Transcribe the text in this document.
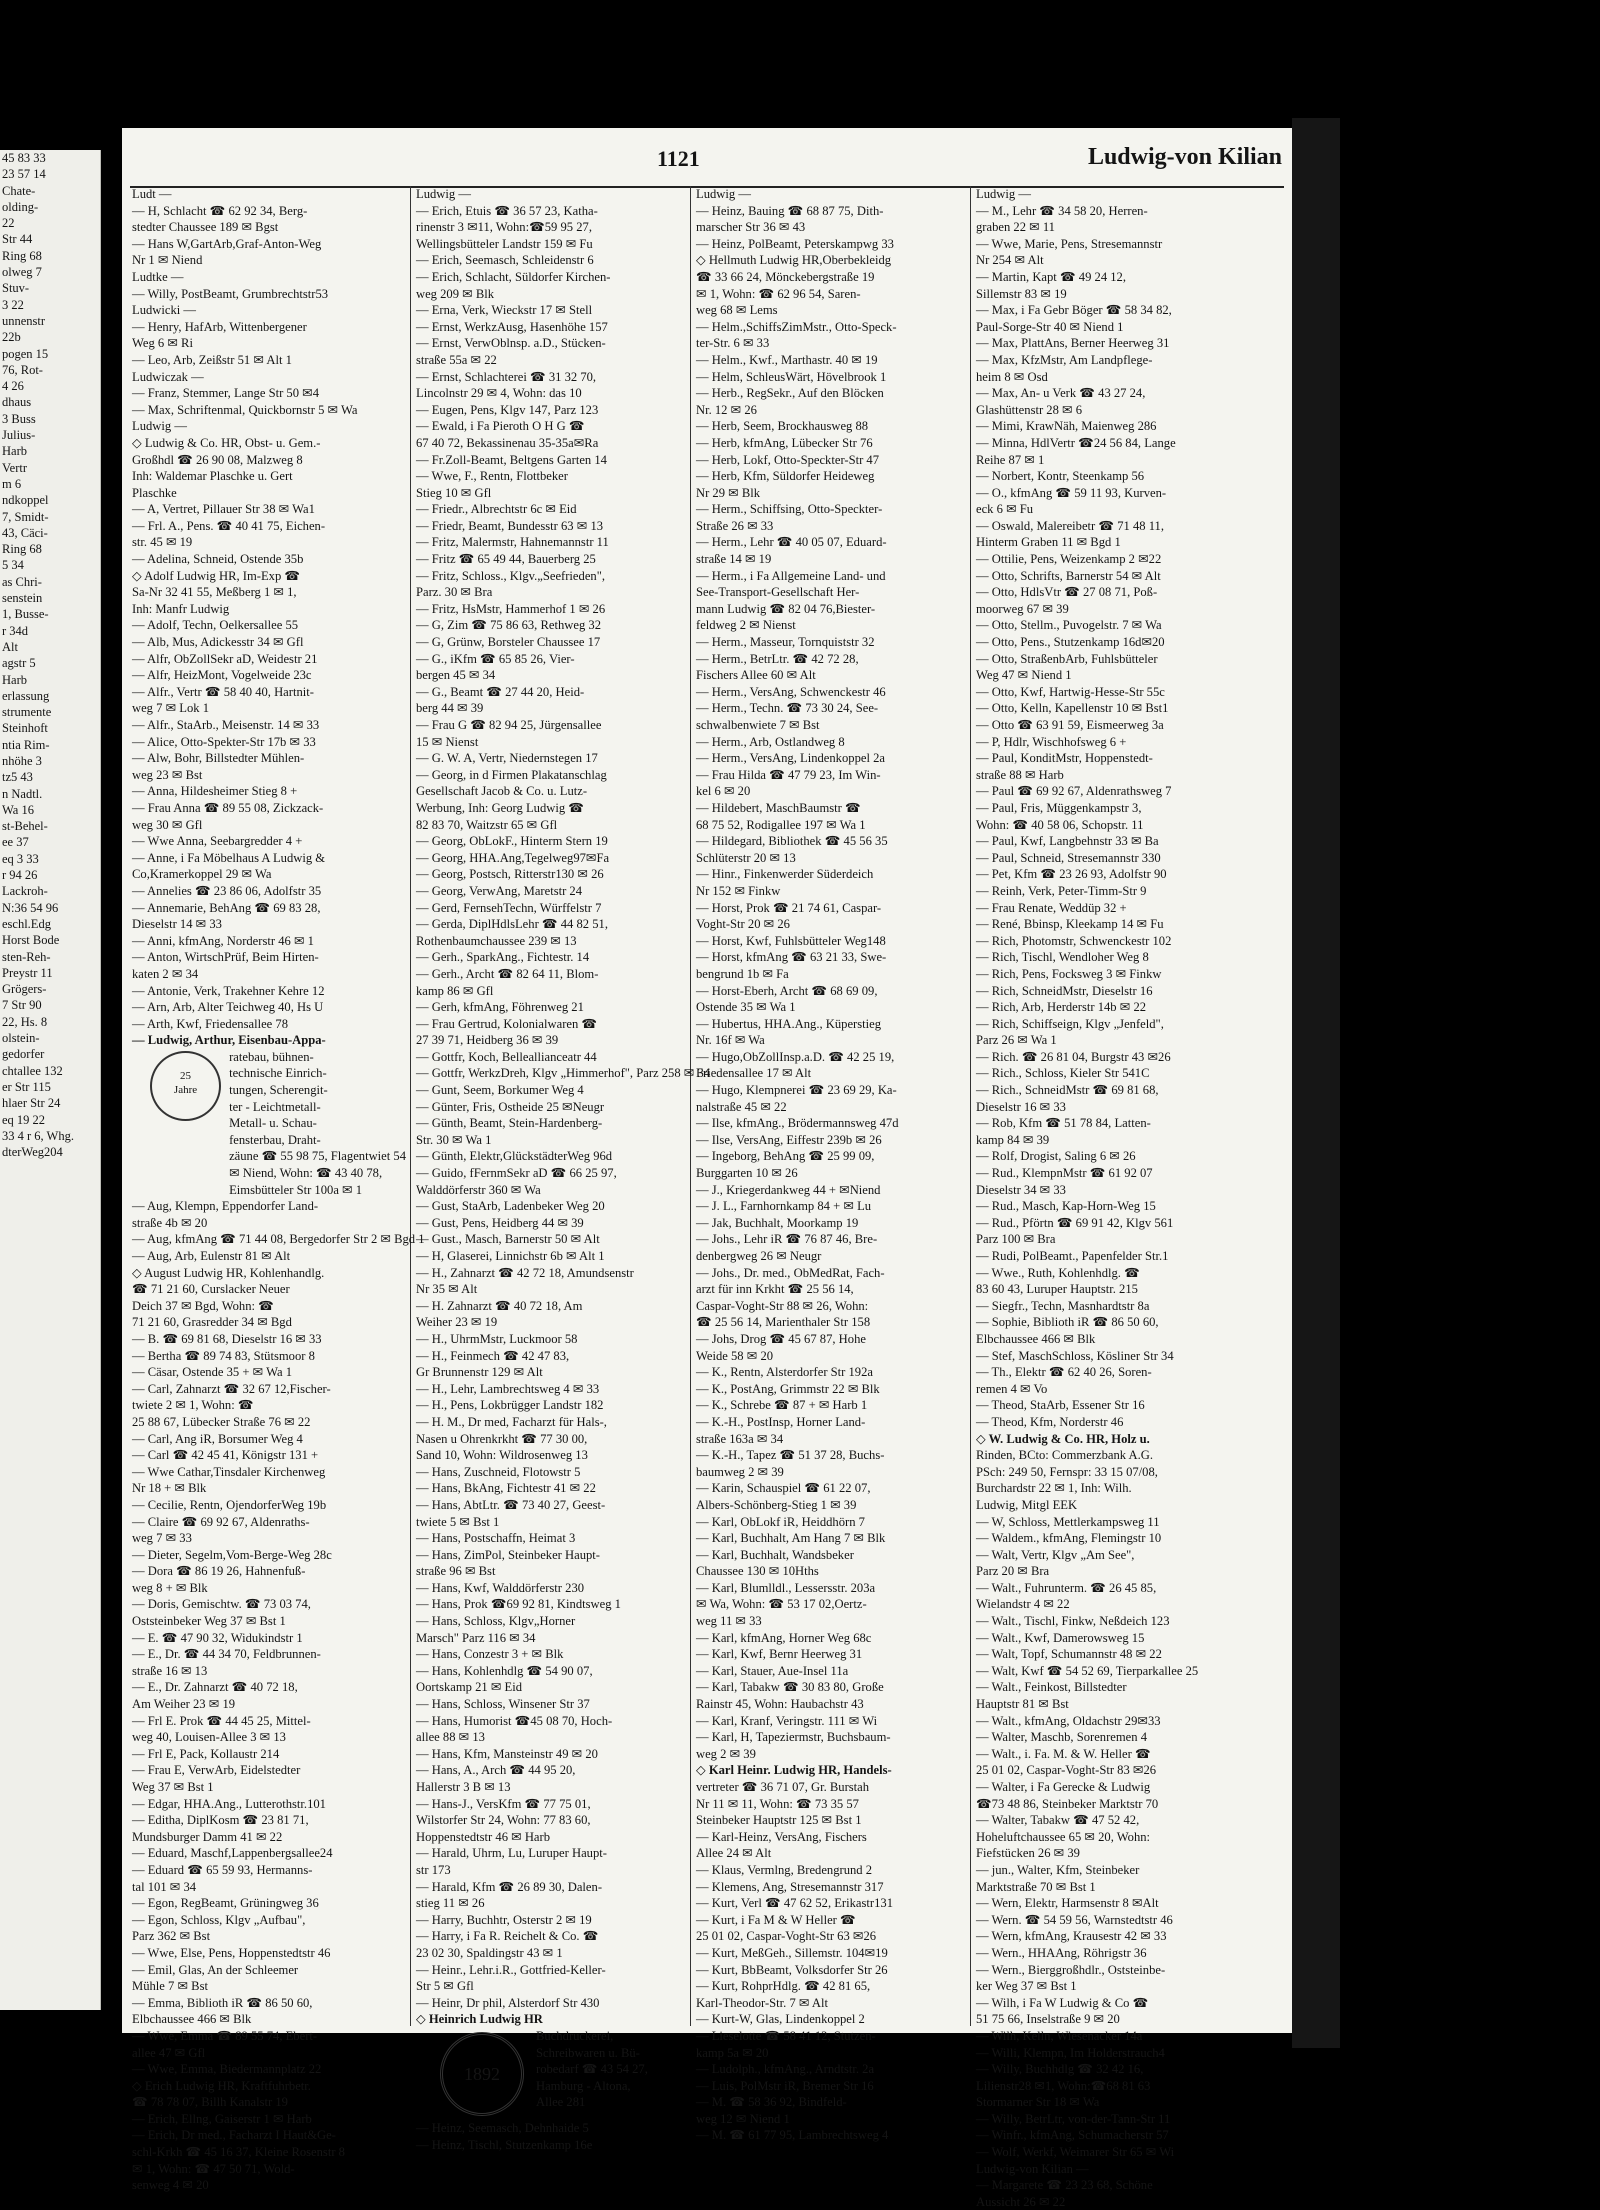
45 83 33
23 57 14
Chate-
olding-
22
Str 44
Ring 68
olweg 7
Stuv-
3 22
unnenstr
22b
pogen 15
76, Rot-
4 26
dhaus
3 Buss
Julius-
Harb
Vertr
m 6
ndkoppel
7, Smidt-
43, Cäci-
Ring 68
5 34
as Chri-
senstein
1, Busse-
r 34d
Alt
agstr 5
Harb
erlassung
strumente
Steinhoft
ntia Rim-
nhöhe 3
tz5 43
n Nadtl.
Wa 16
st-Behel-
ee 37
eq 3 33
r 94 26
Lackroh-
N:36 54 96
eschl.Edg
Horst Bode
sten-Reh-
Preystr 11
Grögers-
7 Str 90
22, Hs. 8
olstein-
gedorfer
chtallee 132
er Str 115
hlaer Str 24
eq 19 22
33 4 r 6, Whg.
dterWeg204
1121	Ludwig-von Kilian
Ludt —
— H, Schlacht ☎ 62 92 34, Berg-
stedter Chaussee 189 ✉ Bgst
— Hans W,GartArb,Graf-Anton-Weg
Nr 1 ✉ Niend
Ludtke —
— Willy, PostBeamt, Grumbrechtstr53
Ludwicki —
— Henry, HafArb, Wittenbergener
Weg 6 ✉ Ri
— Leo, Arb, Zeißstr 51 ✉ Alt 1
Ludwiczak —
— Franz, Stemmer, Lange Str 50 ✉4
— Max, Schriftenmal, Quickbornstr 5 ✉ Wa
Ludwig —
◇ Ludwig & Co. HR, Obst- u. Gem.-
Großhdl ☎ 26 90 08, Malzweg 8
Inh: Waldemar Plaschke u. Gert
Plaschke
— A, Vertret, Pillauer Str 38 ✉ Wa1
— Frl. A., Pens. ☎ 40 41 75, Eichen-
str. 45 ✉ 19
— Adelina, Schneid, Ostende 35b
◇ Adolf Ludwig HR, Im-Exp ☎
Sa-Nr 32 41 55, Meßberg 1 ✉ 1,
Inh: Manfr Ludwig
— Adolf, Techn, Oelkersallee 55
— Alb, Mus, Adickesstr 34 ✉ Gfl
— Alfr, ObZollSekr aD, Weidestr 21
— Alfr, HeizMont, Vogelweide 23c
— Alfr., Vertr ☎ 58 40 40, Hartnit-
weg 7 ✉ Lok 1
— Alfr., StaArb., Meisenstr. 14 ✉ 33
— Alice, Otto-Spekter-Str 17b ✉ 33
— Alw, Bohr, Billstedter Mühlen-
weg 23 ✉ Bst
— Anna, Hildesheimer Stieg 8 +
— Frau Anna ☎ 89 55 08, Zickzack-
weg 30 ✉ Gfl
— Wwe Anna, Seebargredder 4 +
— Anne, i Fa Möbelhaus A Ludwig &
Co,Kramerkoppel 29 ✉ Wa
— Annelies ☎ 23 86 06, Adolfstr 35
— Annemarie, BehAng ☎ 69 83 28,
Dieselstr 14 ✉ 33
— Anni, kfmAng, Norderstr 46 ✉ 1
— Anton, WirtschPrüf, Beim Hirten-
katen 2 ✉ 34
— Antonie, Verk, Trakehner Kehre 12
— Arn, Arb, Alter Teichweg 40, Hs U
— Arth, Kwf, Friedensallee 78
— Ludwig, Arthur, Eisenbau-Appa-
25
Jahre
ratebau, bühnen-
technische Einrich-
tungen, Scherengit-
ter - Leichtmetall-
Metall- u. Schau-
fensterbau, Draht-
zäune ☎ 55 98 75, Flagentwiet 54
✉ Niend, Wohn: ☎ 43 40 78,
Eimsbütteler Str 100a ✉ 1
— Aug, Klempn, Eppendorfer Land-
straße 4b ✉ 20
— Aug, kfmAng ☎ 71 44 08, Bergedorfer Str 2 ✉ Bgd 1
— Aug, Arb, Eulenstr 81 ✉ Alt
◇ August Ludwig HR, Kohlenhandlg.
☎ 71 21 60, Curslacker Neuer
Deich 37 ✉ Bgd, Wohn: ☎
71 21 60, Grasredder 34 ✉ Bgd
— B. ☎ 69 81 68, Dieselstr 16 ✉ 33
— Bertha ☎ 89 74 83, Stütsmoor 8
— Cäsar, Ostende 35 + ✉ Wa 1
— Carl, Zahnarzt ☎ 32 67 12,Fischer-
twiete 2 ✉ 1, Wohn: ☎
25 88 67, Lübecker Straße 76 ✉ 22
— Carl, Ang iR, Borsumer Weg 4
— Carl ☎ 42 45 41, Königstr 131 +
— Wwe Cathar,Tinsdaler Kirchenweg
Nr 18 + ✉ Blk
— Cecilie, Rentn, OjendorferWeg 19b
— Claire ☎ 69 92 67, Aldenraths-
weg 7 ✉ 33
— Dieter, Segelm,Vom-Berge-Weg 28c
— Dora ☎ 86 19 26, Hahnenfuß-
weg 8 + ✉ Blk
— Doris, Gemischtw. ☎ 73 03 74,
Oststeinbeker Weg 37 ✉ Bst 1
— E. ☎ 47 90 32, Widukindstr 1
— E., Dr. ☎ 44 34 70, Feldbrunnen-
straße 16 ✉ 13
— E., Dr. Zahnarzt ☎ 40 72 18,
Am Weiher 23 ✉ 19
— Frl E. Prok ☎ 44 45 25, Mittel-
weg 40, Louisen-Allee 3 ✉ 13
— Frl E, Pack, Kollaustr 214
— Frau E, VerwArb, Eidelstedter
Weg 37 ✉ Bst 1
— Edgar, HHA.Ang., Lutterothstr.101
— Editha, DiplKosm ☎ 23 81 71,
Mundsburger Damm 41 ✉ 22
— Eduard, Maschf,Lappenbergsallee24
— Eduard ☎ 65 59 93, Hermanns-
tal 101 ✉ 34
— Egon, RegBeamt, Grüningweg 36
— Egon, Schloss, Klgv „Aufbau",
Parz 362 ✉ Bst
— Wwe, Else, Pens, Hoppenstedtstr 46
— Emil, Glas, An der Schleemer
Mühle 7 ✉ Bst
— Emma, Biblioth iR ☎ 86 50 60,
Elbchaussee 466 ✉ Blk
— Wwe, Emma ☎ 89 55 74, Ebert-
allee 47 ✉ Gfl
— Wwe, Emma, Biedermannplatz 22
◇ Erich Ludwig HR, Kraftfuhrbetr.
☎ 78 78 07, Billh Kanalstr 19
— Erich, Ellng, Gaiserstr 1 ✉ Harb
— Erich, Dr med., Facharzt I Haut&Ge-
schl-Krkh ☎ 45 16 37, Kleine Rosenstr 8
✉ 1, Wohn: ☎ 47 50 71, Wold-
senweg 4 ✉ 20
Ludwig —
— Erich, Etuis ☎ 36 57 23, Katha-
rinenstr 3 ✉11, Wohn:☎59 95 27,
Wellingsbütteler Landstr 159 ✉ Fu
— Erich, Seemasch, Schleidenstr 6
— Erich, Schlacht, Süldorfer Kirchen-
weg 209 ✉ Blk
— Erna, Verk, Wieckstr 17 ✉ Stell
— Ernst, WerkzAusg, Hasenhöhe 157
— Ernst, VerwOblnsp. a.D., Stücken-
straße 55a ✉ 22
— Ernst, Schlachterei ☎ 31 32 70,
Lincolnstr 29 ✉ 4, Wohn: das 10
— Eugen, Pens, Klgv 147, Parz 123
— Ewald, i Fa Pieroth O H G ☎
67 40 72, Bekassinenau 35-35a✉Ra
— Fr.Zoll-Beamt, Beltgens Garten 14
— Wwe, F., Rentn, Flottbeker
Stieg 10 ✉ Gfl
— Friedr., Albrechtstr 6c ✉ Eid
— Friedr, Beamt, Bundesstr 63 ✉ 13
— Fritz, Malermstr, Hahnemannstr 11
— Fritz ☎ 65 49 44, Bauerberg 25
— Fritz, Schloss., Klgv.„Seefrieden",
Parz. 30 ✉ Bra
— Fritz, HsMstr, Hammerhof 1 ✉ 26
— G, Zim ☎ 75 86 63, Rethweg 32
— G, Grünw, Borsteler Chaussee 17
— G., iKfm ☎ 65 85 26, Vier-
bergen 45 ✉ 34
— G., Beamt ☎ 27 44 20, Heid-
berg 44 ✉ 39
— Frau G ☎ 82 94 25, Jürgensallee
15 ✉ Nienst
— G. W. A, Vertr, Niedernstegen 17
— Georg, in d Firmen Plakatanschlag
Gesellschaft Jacob & Co. u. Lutz-
Werbung, Inh: Georg Ludwig ☎
82 83 70, Waitzstr 65 ✉ Gfl
— Georg, ObLokF., Hinterm Stern 19
— Georg, HHA.Ang,Tegelweg97✉Fa
— Georg, Postsch, Ritterstr130 ✉ 26
— Georg, VerwAng, Maretstr 24
— Gerd, FernsehTechn, Würffelstr 7
— Gerda, DiplHdlsLehr ☎ 44 82 51,
Rothenbaumchaussee 239 ✉ 13
— Gerh., SparkAng., Fichtestr. 14
— Gerh., Archt ☎ 82 64 11, Blom-
kamp 86 ✉ Gfl
— Gerh, kfmAng, Föhrenweg 21
— Frau Gertrud, Kolonialwaren ☎
27 39 71, Heidberg 36 ✉ 39
— Gottfr, Koch, Belleallianceatr 44
— Gottfr, WerkzDreh, Klgv „Himmerhof", Parz 258 ✉ 34
— Gunt, Seem, Borkumer Weg 4
— Günter, Fris, Ostheide 25 ✉Neugr
— Günth, Beamt, Stein-Hardenberg-
Str. 30 ✉ Wa 1
— Günth, Elektr,GlückstädterWeg 96d
— Guido, fFernmSekr aD ☎ 66 25 97,
Walddörferstr 360 ✉ Wa
— Gust, StaArb, Ladenbeker Weg 20
— Gust, Pens, Heidberg 44 ✉ 39
— Gust., Masch, Barnerstr 50 ✉ Alt
— H, Glaserei, Linnichstr 6b ✉ Alt 1
— H., Zahnarzt ☎ 42 72 18, Amundsenstr
Nr 35 ✉ Alt
— H. Zahnarzt ☎ 40 72 18, Am
Weiher 23 ✉ 19
— H., UhrmMstr, Luckmoor 58
— H., Feinmech ☎ 42 47 83,
Gr Brunnenstr 129 ✉ Alt
— H., Lehr, Lambrechtsweg 4 ✉ 33
— H., Pens, Lokbrügger Landstr 182
— H. M., Dr med, Facharzt für Hals-,
Nasen u Ohrenkrkht ☎ 77 30 00,
Sand 10, Wohn: Wildrosenweg 13
— Hans, Zuschneid, Flotowstr 5
— Hans, BkAng, Fichtestr 41 ✉ 22
— Hans, AbtLtr. ☎ 73 40 27, Geest-
twiete 5 ✉ Bst 1
— Hans, Postschaffn, Heimat 3
— Hans, ZimPol, Steinbeker Haupt-
straße 96 ✉ Bst
— Hans, Kwf, Walddörferstr 230
— Hans, Prok ☎69 92 81, Kindtsweg 1
— Hans, Schloss, Klgv„Horner
Marsch" Parz 116 ✉ 34
— Hans, Conzestr 3 + ✉ Blk
— Hans, Kohlenhdlg ☎ 54 90 07,
Oortskamp 21 ✉ Eid
— Hans, Schloss, Winsener Str 37
— Hans, Humorist ☎45 08 70, Hoch-
allee 88 ✉ 13
— Hans, Kfm, Mansteinstr 49 ✉ 20
— Hans, A., Arch ☎ 44 95 20,
Hallerstr 3 B ✉ 13
— Hans-J., VersKfm ☎ 77 75 01,
Wilstorfer Str 24, Wohn: 77 83 60,
Hoppenstedtstr 46 ✉ Harb
— Harald, Uhrm, Lu, Luruper Haupt-
str 173
— Harald, Kfm ☎ 26 89 30, Dalen-
stieg 11 ✉ 26
— Harry, Buchhtr, Osterstr 2 ✉ 19
— Harry, i Fa R. Reichelt & Co. ☎
23 02 30, Spaldingstr 43 ✉ 1
— Heinr., Lehr.i.R., Gottfried-Keller-
Str 5 ✉ Gfl
— Heinr, Dr phil, Alsterdorf Str 430
◇ Heinrich Ludwig HR
1892
Buchdruckerei,
Schreibwaren u. Bü-
robedarf ☎ 43 54 27,
Hamburg - Altona,
Allee 281
— Heinz, Seemasch, Dehnhaide 5
— Heinz, Tischl, Stutzenkamp 16e
Ludwig —
— Heinz, Bauing ☎ 68 87 75, Dith-
marscher Str 36 ✉ 43
— Heinz, PolBeamt, Peterskampwg 33
◇ Hellmuth Ludwig HR,Oberbekleidg
☎ 33 66 24, Mönckebergstraße 19
✉ 1, Wohn: ☎ 62 96 54, Saren-
weg 68 ✉ Lems
— Helm.,SchiffsZimMstr., Otto-Speck-
ter-Str. 6 ✉ 33
— Helm., Kwf., Marthastr. 40 ✉ 19
— Helm, SchleusWärt, Hövelbrook 1
— Herb., RegSekr., Auf den Blöcken
Nr. 12 ✉ 26
— Herb, Seem, Brockhausweg 88
— Herb, kfmAng, Lübecker Str 76
— Herb, Lokf, Otto-Speckter-Str 47
— Herb, Kfm, Süldorfer Heideweg
Nr 29 ✉ Blk
— Herm., Schiffsing, Otto-Speckter-
Straße 26 ✉ 33
— Herm., Lehr ☎ 40 05 07, Eduard-
straße 14 ✉ 19
— Herm., i Fa Allgemeine Land- und
See-Transport-Gesellschaft Her-
mann Ludwig ☎ 82 04 76,Biester-
feldweg 2 ✉ Nienst
— Herm., Masseur, Tornquiststr 32
— Herm., BetrLtr. ☎ 42 72 28,
Fischers Allee 60 ✉ Alt
— Herm., VersAng, Schwenckestr 46
— Herm., Techn. ☎ 73 30 24, See-
schwalbenwiete 7 ✉ Bst
— Herm., Arb, Ostlandweg 8
— Herm., VersAng, Lindenkoppel 2a
— Frau Hilda ☎ 47 79 23, Im Win-
kel 6 ✉ 20
— Hildebert, MaschBaumstr ☎
68 75 52, Rodigallee 197 ✉ Wa 1
— Hildegard, Bibliothek ☎ 45 56 35
Schlüterstr 20 ✉ 13
— Hinr., Finkenwerder Süderdeich
Nr 152 ✉ Finkw
— Horst, Prok ☎ 21 74 61, Caspar-
Voght-Str 20 ✉ 26
— Horst, Kwf, Fuhlsbütteler Weg148
— Horst, kfmAng ☎ 63 21 33, Swe-
bengrund 1b ✉ Fa
— Horst-Eberh, Archt ☎ 68 69 09,
Ostende 35 ✉ Wa 1
— Hubertus, HHA.Ang., Küperstieg
Nr. 16f ✉ Wa
— Hugo,ObZollInsp.a.D. ☎ 42 25 19,
Friedensallee 17 ✉ Alt
— Hugo, Klempnerei ☎ 23 69 29, Ka-
nalstraße 45 ✉ 22
— Ilse, kfmAng., Brödermannsweg 47d
— Ilse, VersAng, Eiffestr 239b ✉ 26
— Ingeborg, BehAng ☎ 25 99 09,
Burggarten 10 ✉ 26
— J., Kriegerdankweg 44 + ✉Niend
— J. L., Farnhornkamp 84 + ✉ Lu
— Jak, Buchhalt, Moorkamp 19
— Johs., Lehr iR ☎ 76 87 46, Bre-
denbergweg 26 ✉ Neugr
— Johs., Dr. med., ObMedRat, Fach-
arzt für inn Krkht ☎ 25 56 14,
Caspar-Voght-Str 88 ✉ 26, Wohn:
☎ 25 56 14, Marienthaler Str 158
— Johs, Drog ☎ 45 67 87, Hohe
Weide 58 ✉ 20
— K., Rentn, Alsterdorfer Str 192a
— K., PostAng, Grimmstr 22 ✉ Blk
— K., Schrebe ☎ 87 + ✉ Harb 1
— K.-H., PostInsp, Horner Land-
straße 163a ✉ 34
— K.-H., Tapez ☎ 51 37 28, Buchs-
baumweg 2 ✉ 39
— Karin, Schauspiel ☎ 61 22 07,
Albers-Schönberg-Stieg 1 ✉ 39
— Karl, ObLokf iR, Heiddhörn 7
— Karl, Buchhalt, Am Hang 7 ✉ Blk
— Karl, Buchhalt, Wandsbeker
Chaussee 130 ✉ 10Hths
— Karl, Blumlldl., Lessersstr. 203a
✉ Wa, Wohn: ☎ 53 17 02,Oertz-
weg 11 ✉ 33
— Karl, kfmAng, Horner Weg 68c
— Karl, Kwf, Bernr Heerweg 31
— Karl, Stauer, Aue-Insel 11a
— Karl, Tabakw ☎ 30 83 80, Große
Rainstr 45, Wohn: Haubachstr 43
— Karl, Kranf, Veringstr. 111 ✉ Wi
— Karl, H, Tapeziermstr, Buchsbaum-
weg 2 ✉ 39
◇ Karl Heinr. Ludwig HR, Handels-
vertreter ☎ 36 71 07, Gr. Burstah
Nr 11 ✉ 11, Wohn: ☎ 73 35 57
Steinbeker Hauptstr 125 ✉ Bst 1
— Karl-Heinz, VersAng, Fischers
Allee 24 ✉ Alt
— Klaus, Vermlng, Bredengrund 2
— Klemens, Ang, Stresemannstr 317
— Kurt, Verl ☎ 47 62 52, Erikastr131
— Kurt, i Fa M & W Heller ☎
25 01 02, Caspar-Voght-Str 63 ✉26
— Kurt, MeßGeh., Sillemstr. 104✉19
— Kurt, BbBeamt, Volksdorfer Str 26
— Kurt, RohprHdlg. ☎ 42 81 65,
Karl-Theodor-Str. 7 ✉ Alt
— Kurt-W, Glas, Lindenkoppel 2
— Lieselotte ☎ 58 41 12, Stutzen-
kamp 5a ✉ 20
— Ludolph., kfmAng., Arndtstr. 2a
— Luis, PolMstr iR, Bremer Str 16
— M. ☎ 58 36 92, Bindfeld-
weg 12 ✉ Niend 1
— M. ☎ 61 77 95, Lambrechtsweg 4
Ludwig —
— M., Lehr ☎ 34 58 20, Herren-
graben 22 ✉ 11
— Wwe, Marie, Pens, Stresemannstr
Nr 254 ✉ Alt
— Martin, Kapt ☎ 49 24 12,
Sillemstr 83 ✉ 19
— Max, i Fa Gebr Böger ☎ 58 34 82,
Paul-Sorge-Str 40 ✉ Niend 1
— Max, PlattAns, Berner Heerweg 31
— Max, KfzMstr, Am Landpflege-
heim 8 ✉ Osd
— Max, An- u Verk ☎ 43 27 24,
Glashüttenstr 28 ✉ 6
— Mimi, KrawNäh, Maienweg 286
— Minna, HdlVertr ☎24 56 84, Lange
Reihe 87 ✉ 1
— Norbert, Kontr, Steenkamp 56
— O., kfmAng ☎ 59 11 93, Kurven-
eck 6 ✉ Fu
— Oswald, Malereibetr ☎ 71 48 11,
Hinterm Graben 11 ✉ Bgd 1
— Ottilie, Pens, Weizenkamp 2 ✉22
— Otto, Schrifts, Barnerstr 54 ✉ Alt
— Otto, HdlsVtr ☎ 27 08 71, Poß-
moorweg 67 ✉ 39
— Otto, Stellm., Puvogelstr. 7 ✉ Wa
— Otto, Pens., Stutzenkamp 16d✉20
— Otto, StraßenbArb, Fuhlsbütteler
Weg 47 ✉ Niend 1
— Otto, Kwf, Hartwig-Hesse-Str 55c
— Otto, Kelln, Kapellenstr 10 ✉ Bst1
— Otto ☎ 63 91 59, Eismeerweg 3a
— P, Hdlr, Wischhofsweg 6 +
— Paul, KonditMstr, Hoppenstedt-
straße 88 ✉ Harb
— Paul ☎ 69 92 67, Aldenrathsweg 7
— Paul, Fris, Müggenkampstr 3,
Wohn: ☎ 40 58 06, Schopstr. 11
— Paul, Kwf, Langbehnstr 33 ✉ Ba
— Paul, Schneid, Stresemannstr 330
— Pet, Kfm ☎ 23 26 93, Adolfstr 90
— Reinh, Verk, Peter-Timm-Str 9
— Frau Renate, Weddüp 32 +
— René, Bbinsp, Kleekamp 14 ✉ Fu
— Rich, Photomstr, Schwenckestr 102
— Rich, Tischl, Wendloher Weg 8
— Rich, Pens, Focksweg 3 ✉ Finkw
— Rich, SchneidMstr, Dieselstr 16
— Rich, Arb, Herderstr 14b ✉ 22
— Rich, Schiffseign, Klgv „Jenfeld",
Parz 26 ✉ Wa 1
— Rich. ☎ 26 81 04, Burgstr 43 ✉26
— Rich., Schloss, Kieler Str 541C
— Rich., SchneidMstr ☎ 69 81 68,
Dieselstr 16 ✉ 33
— Rob, Kfm ☎ 51 78 84, Latten-
kamp 84 ✉ 39
— Rolf, Drogist, Saling 6 ✉ 26
— Rud., KlempnMstr ☎ 61 92 07
Dieselstr 34 ✉ 33
— Rud., Masch, Kap-Horn-Weg 15
— Rud., Pförtn ☎ 69 91 42, Klgv 561
Parz 100 ✉ Bra
— Rudi, PolBeamt., Papenfelder Str.1
— Wwe., Ruth, Kohlenhdlg. ☎
83 60 43, Luruper Hauptstr. 215
— Siegfr., Techn, Masnhardtstr 8a
— Sophie, Biblioth iR ☎ 86 50 60,
Elbchaussee 466 ✉ Blk
— Stef, MaschSchloss, Kösliner Str 34
— Th., Elektr ☎ 62 40 26, Soren-
remen 4 ✉ Vo
— Theod, StaArb, Essener Str 16
— Theod, Kfm, Norderstr 46
◇ W. Ludwig & Co. HR, Holz u.
Rinden, BCto: Commerzbank A.G.
PSch: 249 50, Fernspr: 33 15 07/08,
Burchardstr 22 ✉ 1, Inh: Wilh.
Ludwig, Mitgl EEK
— W, Schloss, Mettlerkampsweg 11
— Waldem., kfmAng, Flemingstr 10
— Walt, Vertr, Klgv „Am See",
Parz 20 ✉ Bra
— Walt., Fuhrunterm. ☎ 26 45 85,
Wielandstr 4 ✉ 22
— Walt., Tischl, Finkw, Neßdeich 123
— Walt., Kwf, Damerowsweg 15
— Walt, Topf, Schumannstr 48 ✉ 22
— Walt, Kwf ☎ 54 52 69, Tierparkallee 25
— Walt., Feinkost, Billstedter
Hauptstr 81 ✉ Bst
— Walt., kfmAng, Oldachstr 29✉33
— Walter, Maschb, Sorenremen 4
— Walt., i. Fa. M. & W. Heller ☎
25 01 02, Caspar-Voght-Str 83 ✉26
— Walter, i Fa Gerecke & Ludwig
☎73 48 86, Steinbeker Marktstr 70
— Walter, Tabakw ☎ 47 52 42,
Hoheluftchaussee 65 ✉ 20, Wohn:
Fiefstücken 26 ✉ 39
— jun., Walter, Kfm, Steinbeker
Marktstraße 70 ✉ Bst 1
— Wern, Elektr, Harmsenstr 8 ✉Alt
— Wern. ☎ 54 59 56, Warnstedtstr 46
— Wern, kfmAng, Krausestr 42 ✉ 33
— Wern., HHAAng, Röhrigstr 36
— Wern., Bierggroßhdlr., Oststeinbe-
ker Weg 37 ✉ Bst 1
— Wilh, i Fa W Ludwig & Co ☎
51 75 66, Inselstraße 9 ✉ 20
— Wilh, Kelln, Wiesenacker 14a
— Willi, Klempn, Im Holderstrauch4
— Willy, Buchhdlg ☎ 32 42 16,
Lilienstr28 ✉1, Wohn:☎68 81 63
Stormarner Str 18 ✉ Wa
— Willy, BetrLtr, von-der-Tann-Str 11
— Winfr., kfmAng, Schumacherstr 57
— Wolf, Werkf, Weimarer Str 65 ✉ Wi
Ludwig-von Kilian —
— Margarete ☎ 23 23 68, Schöne
Aussicht 26 ✉ 22
